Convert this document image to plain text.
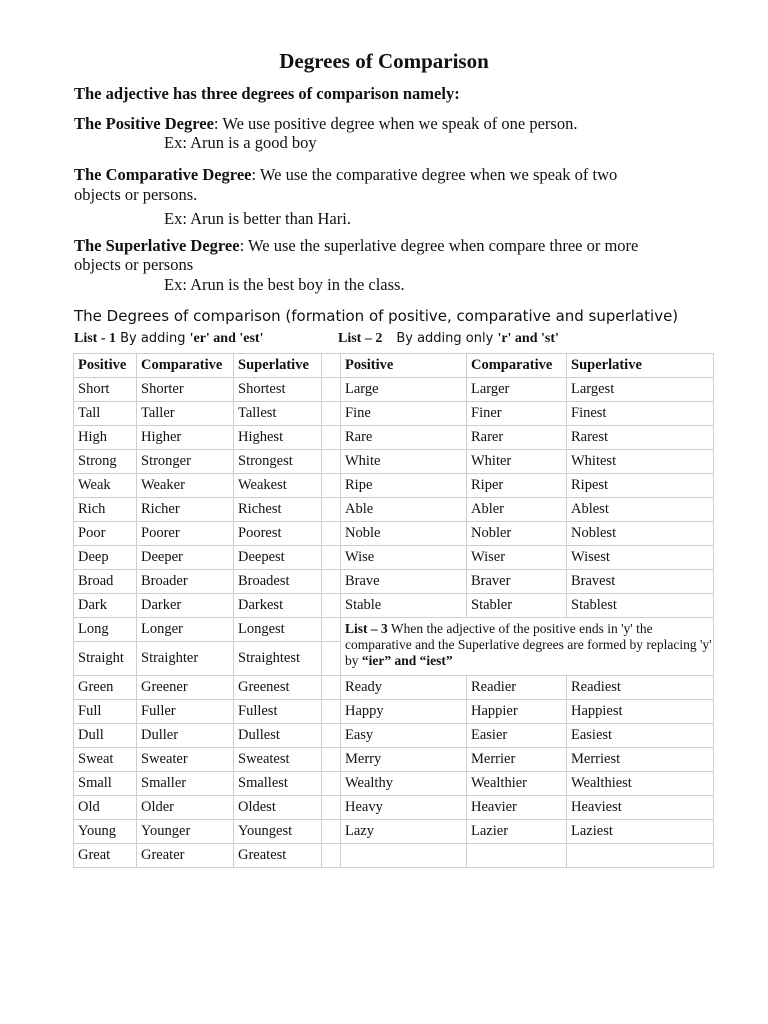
Degrees of Comparison
The adjective has three degrees of comparison namely:
The Positive Degree: We use positive degree when we speak of one person.
Ex: Arun is a good boy
The Comparative Degree: We use the comparative degree when we speak of two
objects or persons.
Ex: Arun is better than Hari.
The Superlative Degree: We use the superlative degree when compare three or more
objects or persons
Ex: Arun is the best boy in the class.
The Degrees of comparison (formation of positive, comparative and superlative)
List - 1 By adding 'er' and 'est'	List – 2 By adding only 'r' and 'st'
Positive	Comparative	Superlative		Positive	Comparative	Superlative
Short	Shorter	Shortest		Large	Larger	Largest
Tall	Taller	Tallest		Fine	Finer	Finest
High	Higher	Highest		Rare	Rarer	Rarest
Strong	Stronger	Strongest		White	Whiter	Whitest
Weak	Weaker	Weakest		Ripe	Riper	Ripest
Rich	Richer	Richest		Able	Abler	Ablest
Poor	Poorer	Poorest		Noble	Nobler	Noblest
Deep	Deeper	Deepest		Wise	Wiser	Wisest
Broad	Broader	Broadest		Brave	Braver	Bravest
Dark	Darker	Darkest		Stable	Stabler	Stablest
Long	Longer	Longest		List – 3 When the adjective of the positive ends in 'y' the comparative and the Superlative degrees are formed by replacing 'y' by “ier” and “iest”		
Straight	Straighter	Straightest				
Green	Greener	Greenest		Ready	Readier	Readiest
Full	Fuller	Fullest		Happy	Happier	Happiest
Dull	Duller	Dullest		Easy	Easier	Easiest
Sweat	Sweater	Sweatest		Merry	Merrier	Merriest
Small	Smaller	Smallest		Wealthy	Wealthier	Wealthiest
Old	Older	Oldest		Heavy	Heavier	Heaviest
Young	Younger	Youngest		Lazy	Lazier	Laziest
Great	Greater	Greatest				
